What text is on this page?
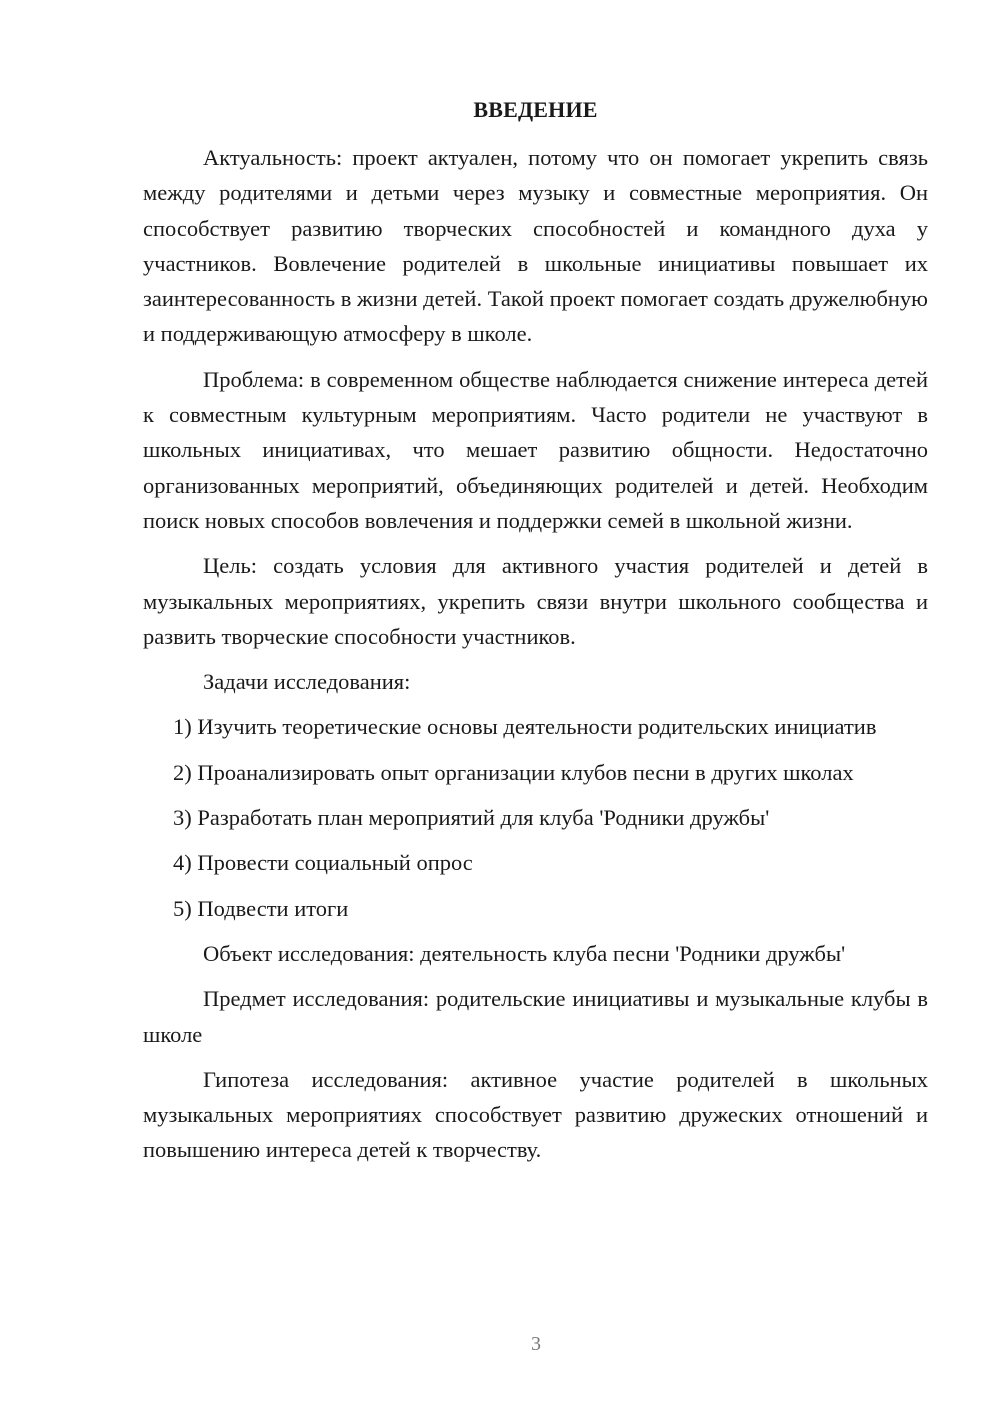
ВВЕДЕНИЕ

Актуальность: проект актуален, потому что он помогает укрепить связь между родителями и детьми через музыку и совместные мероприятия. Он способствует развитию творческих способностей и командного духа у участников. Вовлечение родителей в школьные инициативы повышает их заинтересованность в жизни детей. Такой проект помогает создать дружелюбную и поддерживающую атмосферу в школе.

Проблема: в современном обществе наблюдается снижение интереса детей к совместным культурным мероприятиям. Часто родители не участвуют в школьных инициативах, что мешает развитию общности. Недостаточно организованных мероприятий, объединяющих родителей и детей. Необходим поиск новых способов вовлечения и поддержки семей в школьной жизни.

Цель: создать условия для активного участия родителей и детей в музыкальных мероприятиях, укрепить связи внутри школьного сообщества и развить творческие способности участников.

Задачи исследования:

1) Изучить теоретические основы деятельности родительских инициатив

2) Проанализировать опыт организации клубов песни в других школах

3) Разработать план мероприятий для клуба 'Родники дружбы'

4) Провести социальный опрос

5) Подвести итоги

Объект исследования: деятельность клуба песни 'Родники дружбы'

Предмет исследования: родительские инициативы и музыкальные клубы в школе

Гипотеза исследования: активное участие родителей в школьных музыкальных мероприятиях способствует развитию дружеских отношений и повышению интереса детей к творчеству.

3
